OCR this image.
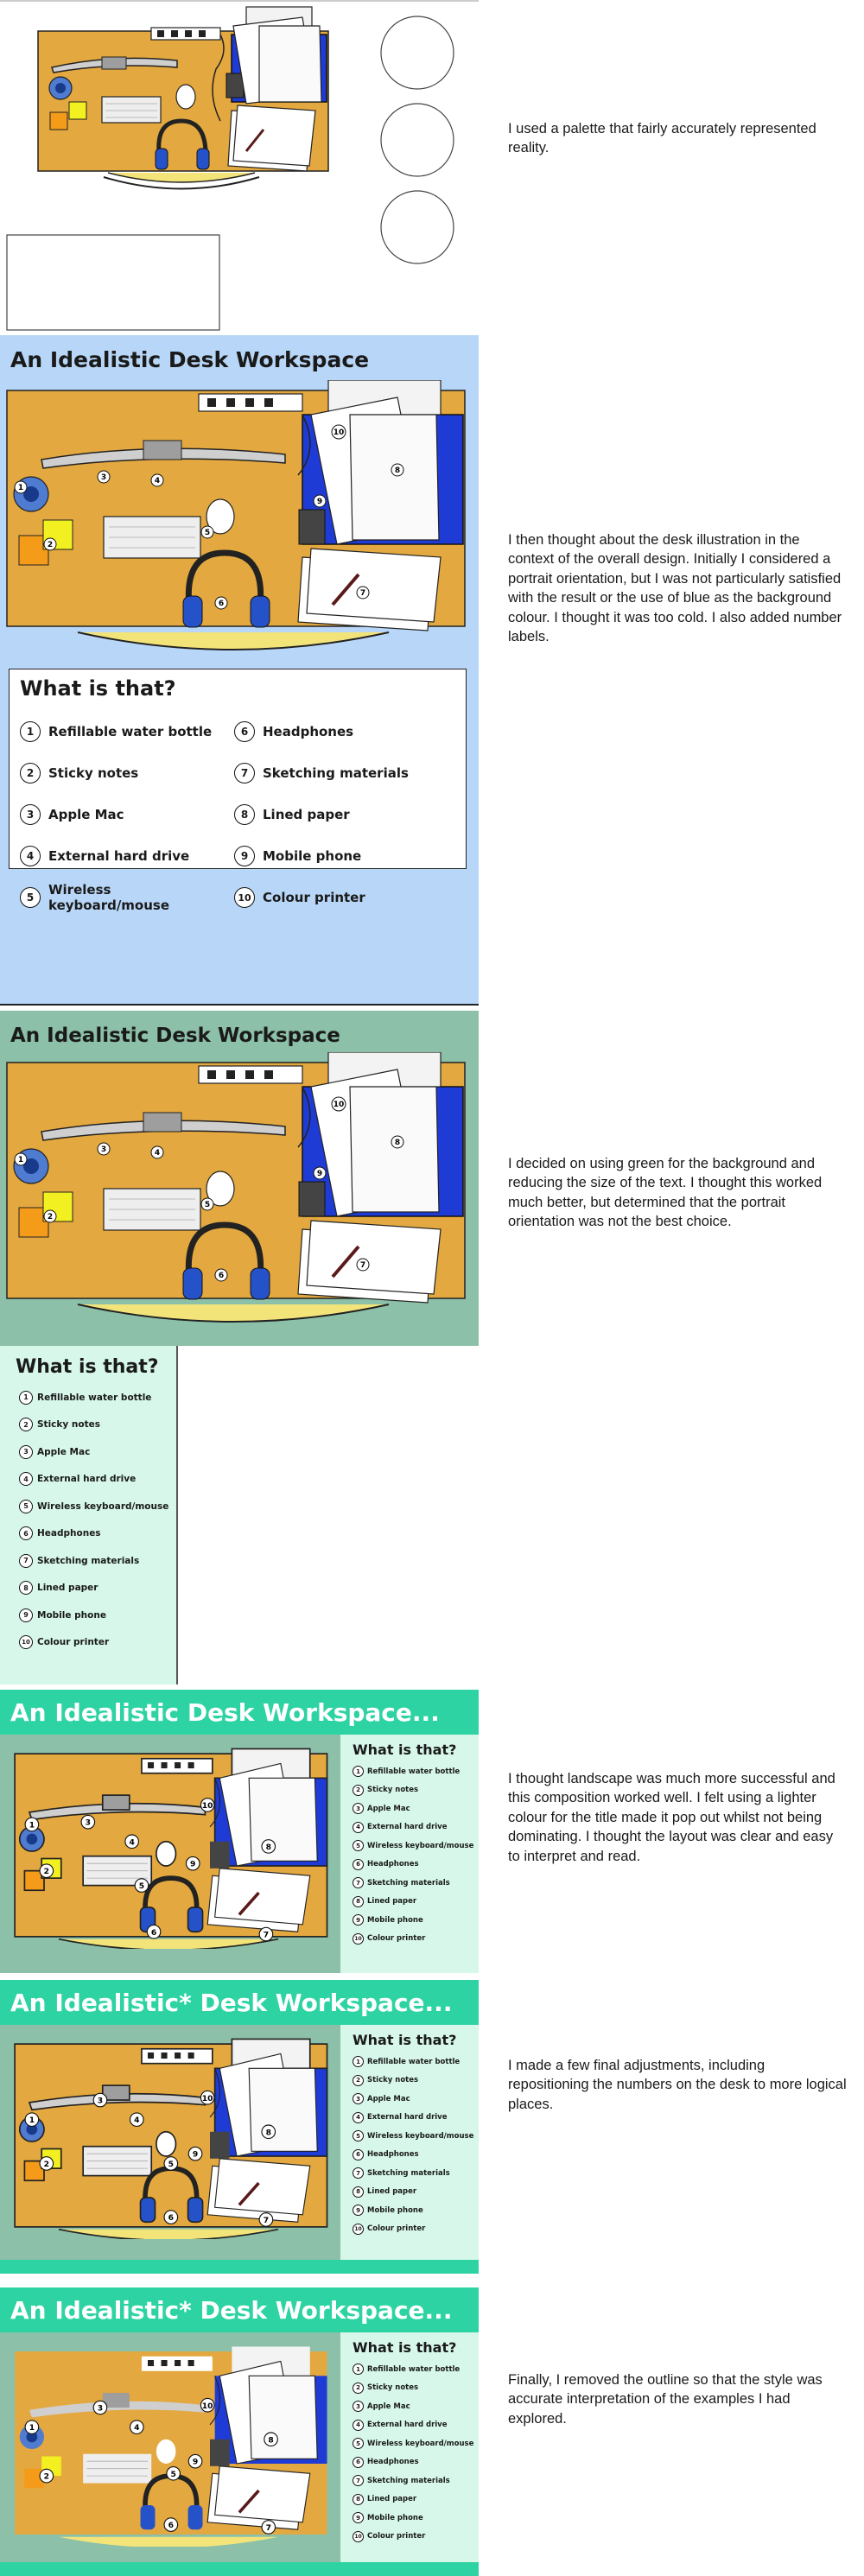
I used a palette that fairly accurately represented reality.
An Idealistic Desk Workspace
1
2
3	4
5
6
7
8
9
10
What is that?
1	Refillable water bottle
2	Sticky notes
3	Apple Mac
4	External hard drive
5	Wireless keyboard/mouse
6	Headphones
7	Sketching materials
8	Lined paper
9	Mobile phone
10 Colour printer
I then thought about the desk illustration in the context of the overall design. Initially I considered a portrait orientation, but I was not particularly satisfied with the result or the use of blue as the background colour. I thought it was too cold. I also added number labels.
An Idealistic Desk Workspace
1
2
3	4
5
6
7
8
9
10
What is that?
1 Refillable water bottle
2 Sticky notes
3 Apple Mac
4 External hard drive
5 Wireless keyboard/mouse
6 Headphones
7 Sketching materials
8 Lined paper
9 Mobile phone
10 Colour printer
I decided on using green for the background and reducing the size of the text. I thought this worked much better, but determined that the portrait orientation was not the best choice.
An Idealistic Desk Workspace...
1
2
3
4
5
6	7
8
9
10
What is that?
1 Refillable water bottle
2 Sticky notes
3 Apple Mac
4 External hard drive
5 Wireless keyboard/mouse
6 Headphones
7 Sketching materials
8 Lined paper
9 Mobile phone
10 Colour printer
An Idealistic* Desk Workspace...
1
2
3
4
5
6	7
8
9
10
What is that?
1 Refillable water bottle
2 Sticky notes
3 Apple Mac
4 External hard drive
5 Wireless keyboard/mouse
6 Headphones
7 Sketching materials
8 Lined paper
9 Mobile phone
10 Colour printer
An Idealistic* Desk Workspace...
1
2
3
4
5
6	7
8
9
10
What is that?
1 Refillable water bottle
2 Sticky notes
3 Apple Mac
4 External hard drive
5 Wireless keyboard/mouse
6 Headphones
7 Sketching materials
8 Lined paper
9 Mobile phone
10 Colour printer
I thought landscape was much more successful and this composition worked well. I felt using a lighter colour for the title made it pop out whilst not being dominating. I thought the layout was clear and easy to interpret and read.
I made a few final adjustments, including repositioning the numbers on the desk to more logical places.
Finally, I removed the outline so that the style was accurate interpretation of the examples I had explored.
